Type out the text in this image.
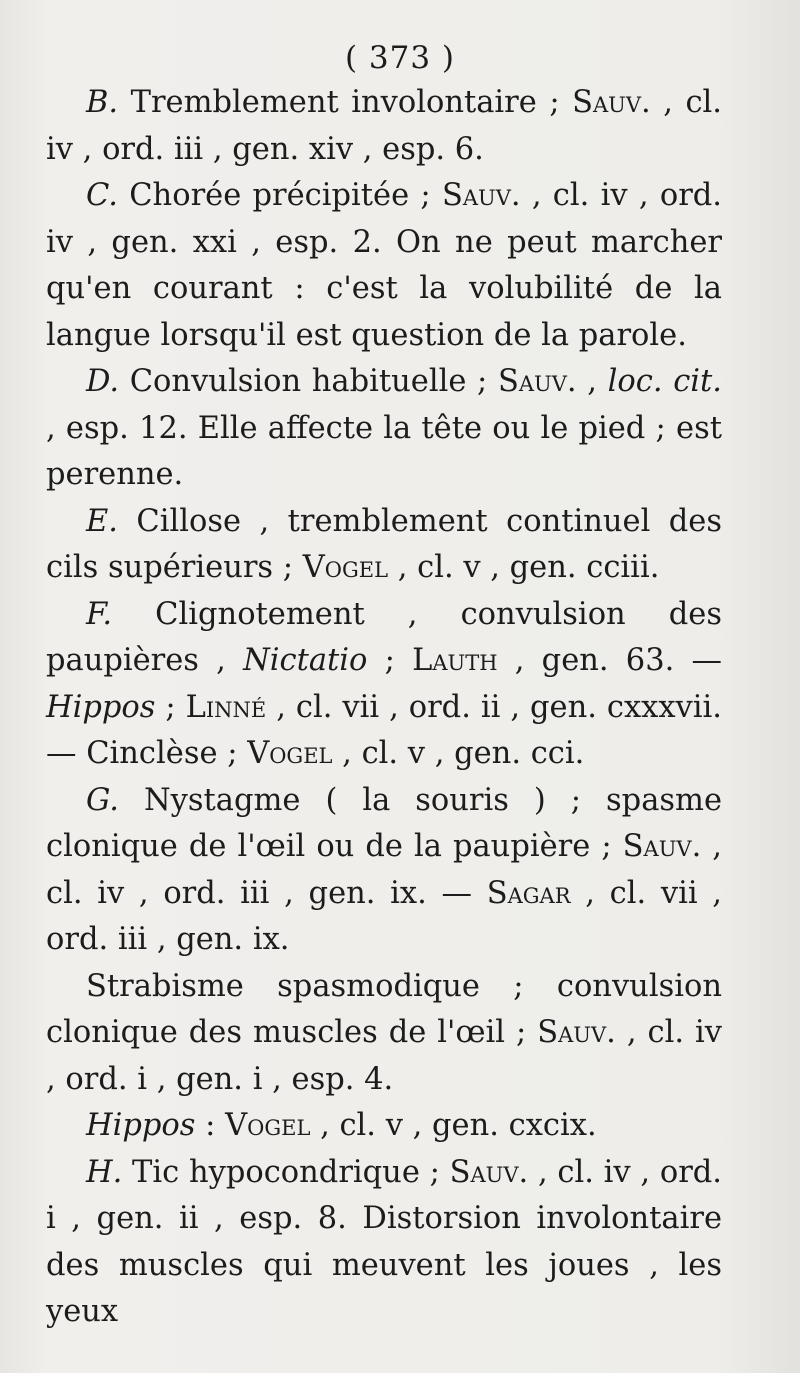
( 373 )

B. Tremblement involontaire ; Sauv. , cl. iv , ord. iii , gen. xiv , esp. 6.

C. Chorée précipitée ; Sauv. , cl. iv , ord. iv , gen. xxi , esp. 2. On ne peut marcher qu'en courant : c'est la volubilité de la langue lorsqu'il est question de la parole.

D. Convulsion habituelle ; Sauv. , loc. cit. , esp. 12. Elle affecte la tête ou le pied ; est perenne.

E. Cillose , tremblement continuel des cils supérieurs ; Vogel , cl. v , gen. cciii.

F. Clignotement , convulsion des paupières , Nictatio ; Lauth , gen. 63. — Hippos ; Linné , cl. vii , ord. ii , gen. cxxxvii. — Cinclèse ; Vogel , cl. v , gen. cci.

G. Nystagme ( la souris ) ; spasme clonique de l'œil ou de la paupière ; Sauv. , cl. iv , ord. iii , gen. ix. — Sagar , cl. vii , ord. iii , gen. ix.

Strabisme spasmodique ; convulsion clonique des muscles de l'œil ; Sauv. , cl. iv , ord. i , gen. i , esp. 4.

Hippos : Vogel , cl. v , gen. cxcix.

H. Tic hypocondrique ; Sauv. , cl. iv , ord. i , gen. ii , esp. 8. Distorsion involontaire des muscles qui meuvent les joues , les yeux
